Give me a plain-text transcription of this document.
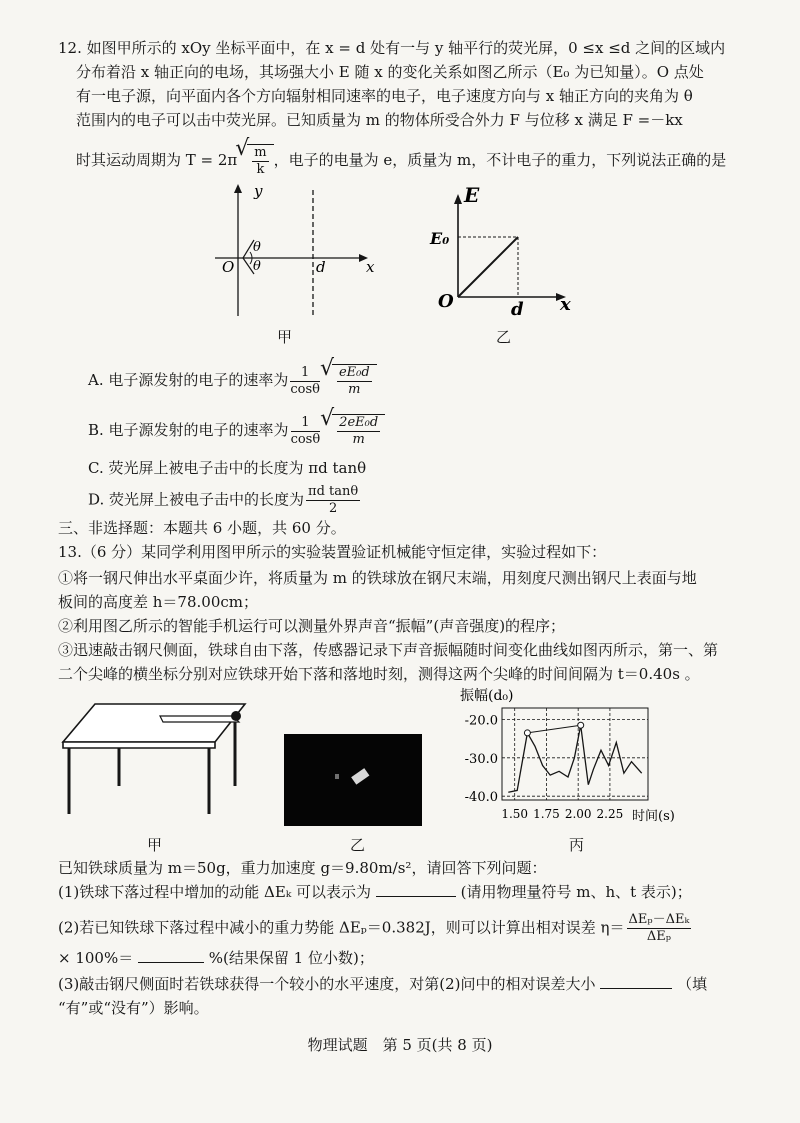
12. 如图甲所示的 xOy 坐标平面中，在 x = d 处有一与 y 轴平行的荧光屏，0 ≤x ≤d 之间的区域内
分布着沿 x 轴正向的电场，其场强大小 E 随 x 的变化关系如图乙所示（E₀ 为已知量）。O 点处
有一电子源，向平面内各个方向辐射相同速率的电子，电子速度方向与 x 轴正方向的夹角为 θ
范围内的电子可以击中荧光屏。已知质量为 m 的物体所受合外力 F 与位移 x 满足 F =－kx
时其运动周期为 T = 2π √ $\frac{m}{k}$ ，电子的电量为 e，质量为 m，不计电子的重力，下列说法正确的是
y
x
O	d
θ
θ
甲
E
E₀
O	d x
乙
A. 电子源发射的电子的速率为 $\frac{1}{\cos\theta}$ √ $\frac{\text{eE₀d}}{m}$
B. 电子源发射的电子的速率为 $\frac{1}{\cos\theta}$ √ $\frac{\text{2eE₀d}}{m}$
C. 荧光屏上被电子击中的长度为 πd tanθ
D. 荧光屏上被电子击中的长度为 $\frac{\text{πd tanθ}}{2}$
三、非选择题：本题共 6 小题，共 60 分。
13.（6 分）某同学利用图甲所示的实验装置验证机械能守恒定律，实验过程如下：
①将一钢尺伸出水平桌面少许，将质量为 m 的铁球放在钢尺末端，用刻度尺测出钢尺上表面与地
板间的高度差 h＝78.00cm；
②利用图乙所示的智能手机运行可以测量外界声音“振幅”(声音强度)的程序；
③迅速敲击钢尺侧面，铁球自由下落，传感器记录下声音振幅随时间变化曲线如图丙所示，第一、第
二个尖峰的横坐标分别对应铁球开始下落和落地时刻，测得这两个尖峰的时间间隔为 t＝0.40s 。
甲	乙
振幅(d₀)
时间(s)
-20.0
-30.0
-40.0
1.50 1.75 2.00 2.25
丙
已知铁球质量为 m＝50g，重力加速度 g＝9.80m/s²，请回答下列问题：
(1)铁球下落过程中增加的动能 ΔEₖ 可以表示为	(请用物理量符号 m、h、t 表示)；
(2)若已知铁球下落过程中减小的重力势能 ΔEₚ＝0.382J，则可以计算出相对误差 $\eta= \frac{\text{ΔEₚ－ΔEₖ}}{\text{ΔEₚ}}$
× 100%＝	%(结果保留 1 位小数)；
(3)敲击钢尺侧面时若铁球获得一个较小的水平速度，对第(2)问中的相对误差大小	（填
“有”或“没有”）影响。
物理试题　第 5 页(共 8 页)
